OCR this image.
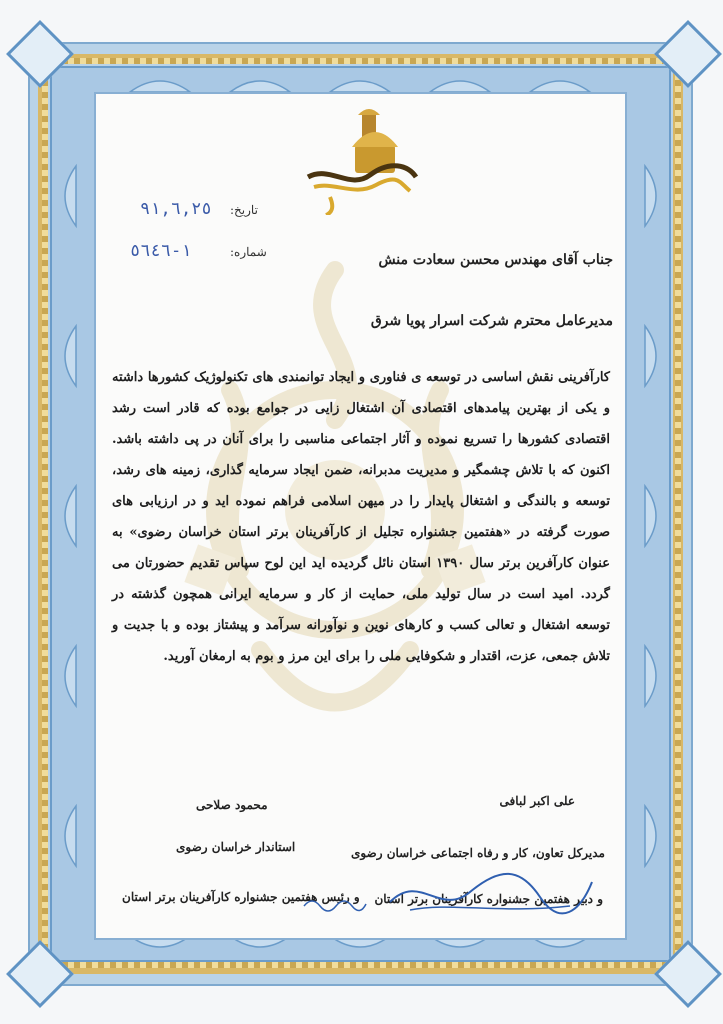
تاریخ:
٩١,٦,٢٥
شماره:
١-٥٦٤٦	جناب آقای مهندس محسن سعادت منش
مدیرعامل محترم شرکت اسرار پویا شرق
کارآفرینی نقش اساسی در توسعه ی فناوری و ایجاد توانمندی های تکنولوژیک کشورها داشته و یکی از بهترین پیامدهای اقتصادی آن اشتغال زایی در جوامع بوده که قادر است رشد اقتصادی کشورها را تسریع نموده و آثار اجتماعی مناسبی را برای آنان در پی داشته باشد. اکنون که با تلاش چشمگیر و مدیریت مدبرانه، ضمن ایجاد سرمایه گذاری، زمینه های رشد، توسعه و بالندگی و اشتغال پایدار را در میهن اسلامی فراهم نموده اید و در ارزیابی های صورت گرفته در «هفتمین جشنواره تجلیل از کارآفرینان برتر استان خراسان رضوی» به عنوان کارآفرین برتر سال ١٣٩٠ استان نائل گردیده اید این لوح سپاس تقدیم حضورتان می گردد. امید است در سال تولید ملی، حمایت از کار و سرمایه ایرانی همچون گذشته در توسعه اشتغال و تعالی کسب و کارهای نوین و نوآورانه سرآمد و پیشتاز بوده و با جدیت و تلاش جمعی، عزت، اقتدار و شکوفایی ملی را برای این مرز و بوم به ارمغان آورید.
علی اکبر لبافی
مدیرکل تعاون، کار و رفاه اجتماعی خراسان رضوی
و دبیر هفتمین جشنواره کارآفرینان برتر استان
محمود صلاحی
استاندار خراسان رضوی
و رئیس هفتمین جشنواره کارآفرینان برتر استان
